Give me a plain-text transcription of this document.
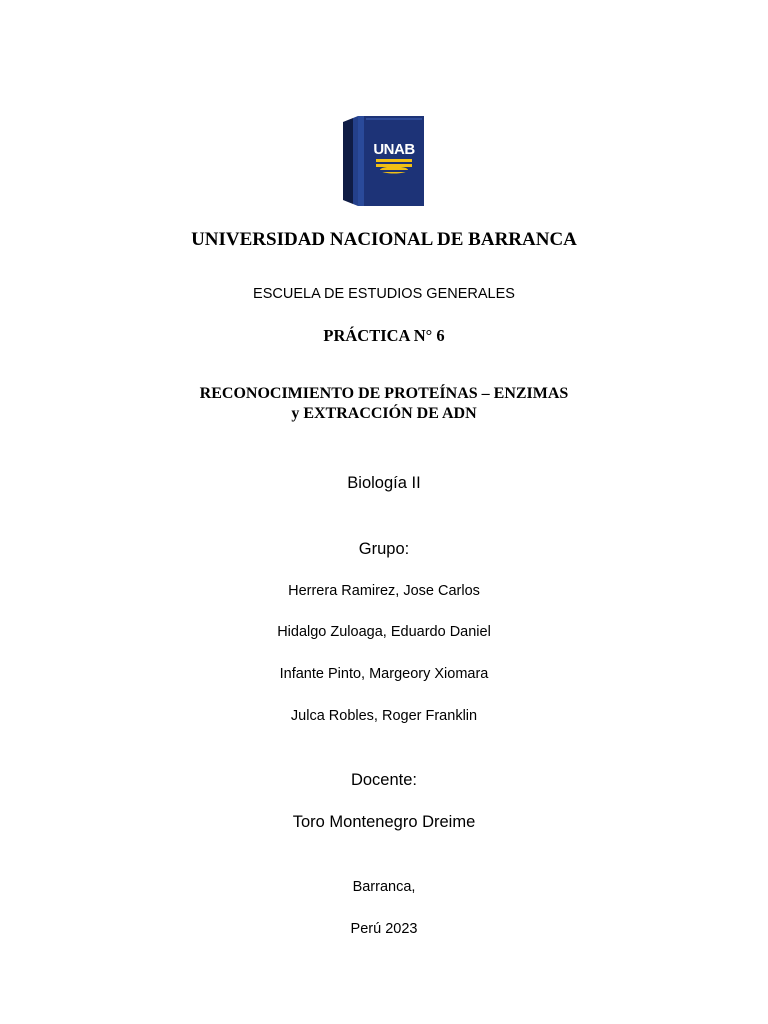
UNAB
UNIVERSIDAD NACIONAL DE BARRANCA
ESCUELA DE ESTUDIOS GENERALES
PRÁCTICA N° 6
RECONOCIMIENTO DE PROTEÍNAS – ENZIMAS
y EXTRACCIÓN DE ADN
Biología II
Grupo:
Herrera Ramirez, Jose Carlos
Hidalgo Zuloaga, Eduardo Daniel
Infante Pinto, Margeory Xiomara
Julca Robles, Roger Franklin
Docente:
Toro Montenegro Dreime
Barranca,
Perú 2023
